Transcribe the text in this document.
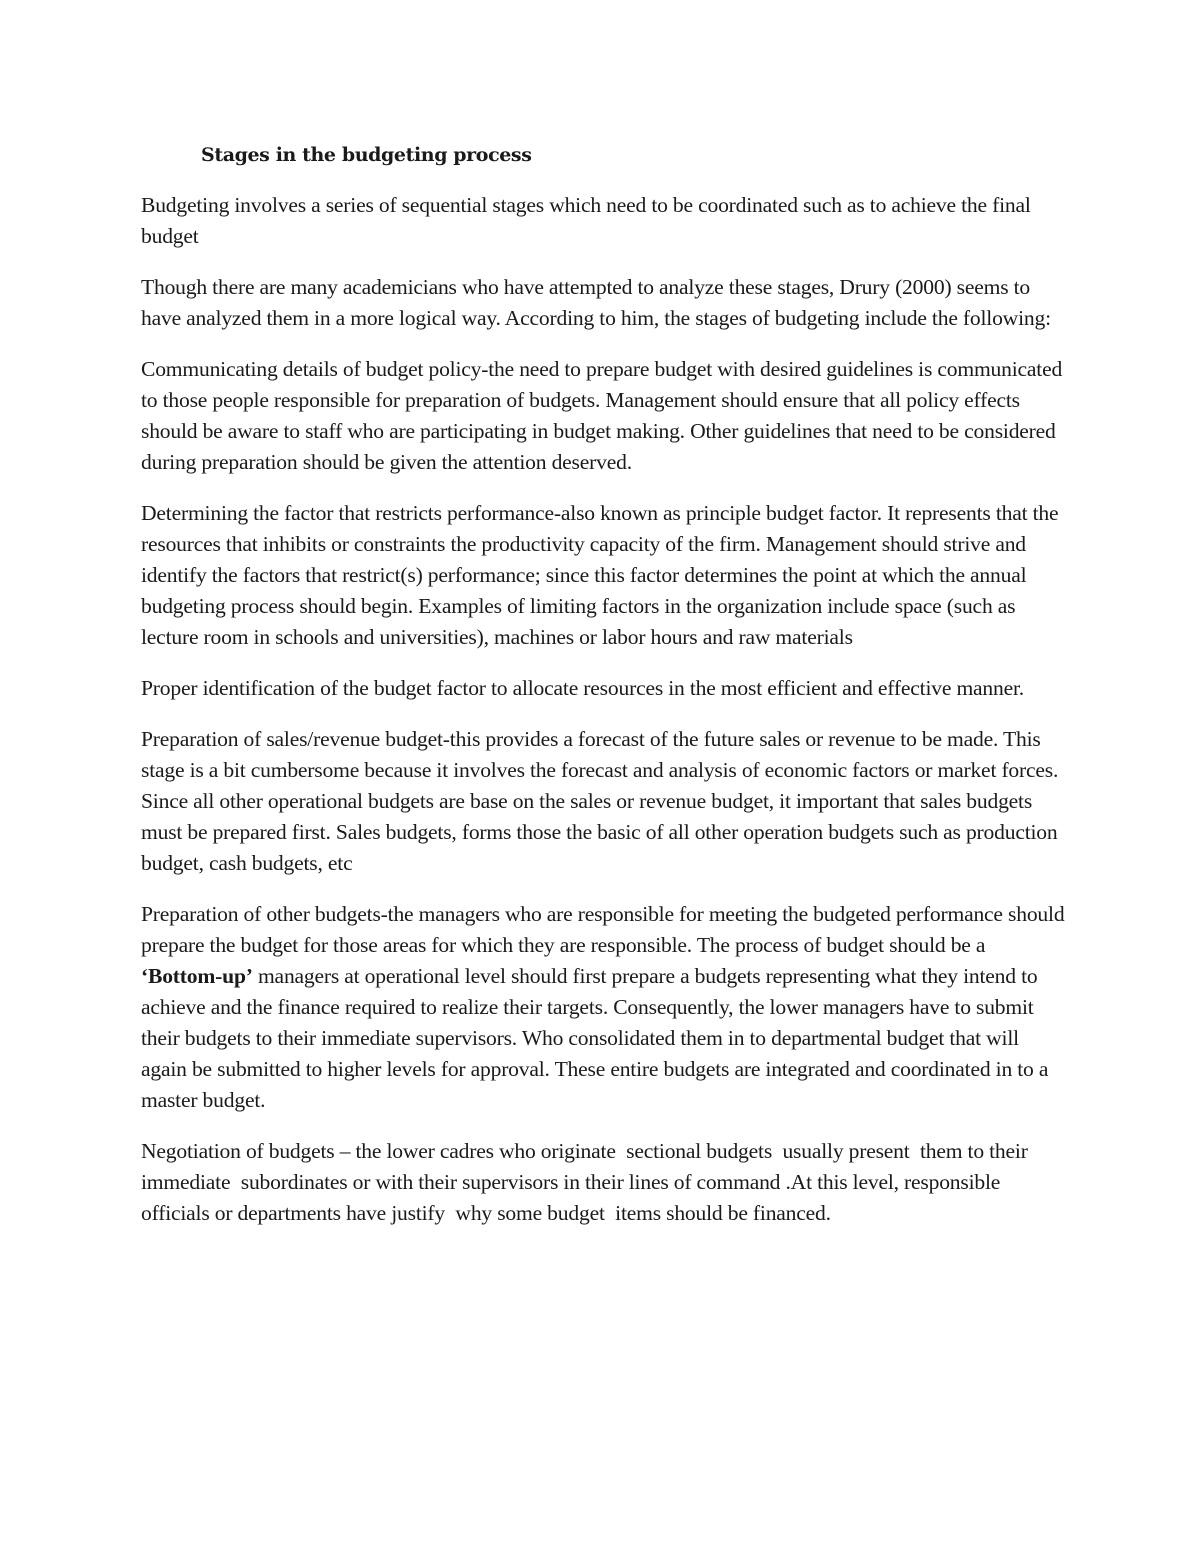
Stages in the budgeting process

Budgeting involves a series of sequential stages which need to be coordinated such as to achieve the final budget

Though there are many academicians who have attempted to analyze these stages, Drury (2000) seems to have analyzed them in a more logical way. According to him, the stages of budgeting include the following:

Communicating details of budget policy-the need to prepare budget with desired guidelines is communicated to those people responsible for preparation of budgets. Management should ensure that all policy effects should be aware to staff who are participating in budget making. Other guidelines that need to be considered during preparation should be given the attention deserved.

Determining the factor that restricts performance-also known as principle budget factor. It represents that the resources that inhibits or constraints the productivity capacity of the firm. Management should strive and identify the factors that restrict(s) performance; since this factor determines the point at which the annual budgeting process should begin. Examples of limiting factors in the organization include space (such as lecture room in schools and universities), machines or labor hours and raw materials

Proper identification of the budget factor to allocate resources in the most efficient and effective manner.

Preparation of sales/revenue budget-this provides a forecast of the future sales or revenue to be made. This stage is a bit cumbersome because it involves the forecast and analysis of economic factors or market forces. Since all other operational budgets are base on the sales or revenue budget, it important that sales budgets must be prepared first. Sales budgets, forms those the basic of all other operation budgets such as production budget, cash budgets, etc

Preparation of other budgets-the managers who are responsible for meeting the budgeted performance should prepare the budget for those areas for which they are responsible. The process of budget should be a ‘Bottom-up’ managers at operational level should first prepare a budgets representing what they intend to achieve and the finance required to realize their targets. Consequently, the lower managers have to submit their budgets to their immediate supervisors. Who consolidated them in to departmental budget that will again be submitted to higher levels for approval. These entire budgets are integrated and coordinated in to a master budget.

Negotiation of budgets – the lower cadres who originate  sectional budgets  usually present  them to their immediate  subordinates or with their supervisors in their lines of command .At this level, responsible officials or departments have justify  why some budget  items should be financed.
